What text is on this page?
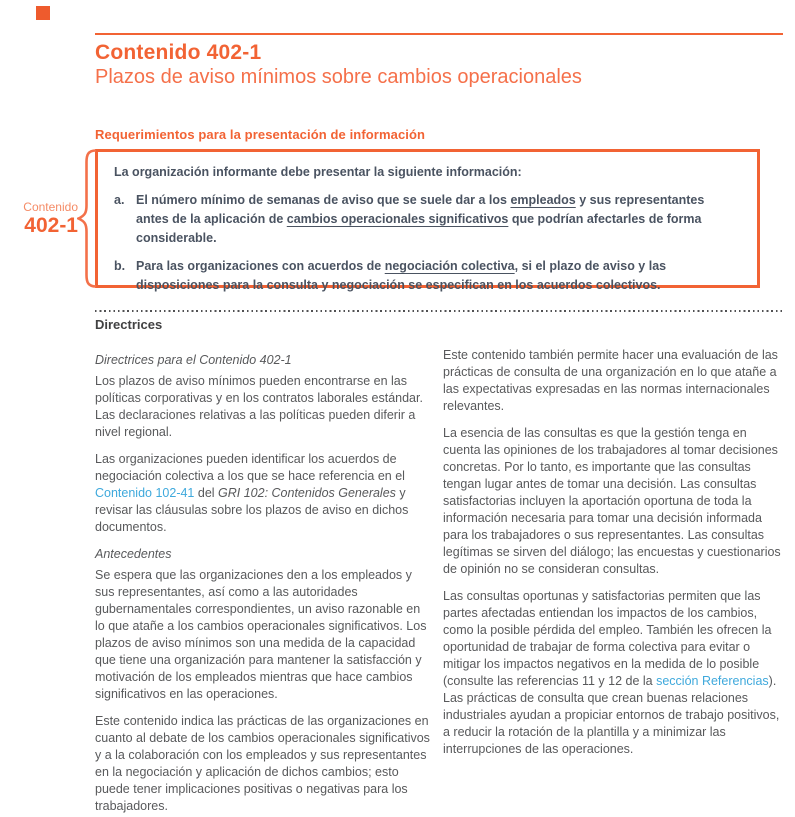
Contenido 402-1
Plazos de aviso mínimos sobre cambios operacionales
Requerimientos para la presentación de información

La organización informante debe presentar la siguiente información:

a. El número mínimo de semanas de aviso que se suele dar a los empleados y sus representantes antes de la aplicación de cambios operacionales significativos que podrían afectarles de forma considerable.
b. Para las organizaciones con acuerdos de negociación colectiva, si el plazo de aviso y las disposiciones para la consulta y negociación se especifican en los acuerdos colectivos.
Contenido
402-1
Directrices

Directrices para el Contenido 402-1

Los plazos de aviso mínimos pueden encontrarse en las políticas corporativas y en los contratos laborales estándar. Las declaraciones relativas a las políticas pueden diferir a nivel regional.

Las organizaciones pueden identificar los acuerdos de negociación colectiva a los que se hace referencia en el Contenido 102-41 del GRI 102: Contenidos Generales y revisar las cláusulas sobre los plazos de aviso en dichos documentos.

Antecedentes

Se espera que las organizaciones den a los empleados y sus representantes, así como a las autoridades gubernamentales correspondientes, un aviso razonable en lo que atañe a los cambios operacionales significativos. Los plazos de aviso mínimos son una medida de la capacidad que tiene una organización para mantener la satisfacción y motivación de los empleados mientras que hace cambios significativos en las operaciones.

Este contenido indica las prácticas de las organizaciones en cuanto al debate de los cambios operacionales significativos y a la colaboración con los empleados y sus representantes en la negociación y aplicación de dichos cambios; esto puede tener implicaciones positivas o negativas para los trabajadores.

Este contenido también permite hacer una evaluación de las prácticas de consulta de una organización en lo que atañe a las expectativas expresadas en las normas internacionales relevantes.

La esencia de las consultas es que la gestión tenga en cuenta las opiniones de los trabajadores al tomar decisiones concretas. Por lo tanto, es importante que las consultas tengan lugar antes de tomar una decisión. Las consultas satisfactorias incluyen la aportación oportuna de toda la información necesaria para tomar una decisión informada para los trabajadores o sus representantes. Las consultas legítimas se sirven del diálogo; las encuestas y cuestionarios de opinión no se consideran consultas.

Las consultas oportunas y satisfactorias permiten que las partes afectadas entiendan los impactos de los cambios, como la posible pérdida del empleo. También les ofrecen la oportunidad de trabajar de forma colectiva para evitar o mitigar los impactos negativos en la medida de lo posible (consulte las referencias 11 y 12 de la sección Referencias). Las prácticas de consulta que crean buenas relaciones industriales ayudan a propiciar entornos de trabajo positivos, a reducir la rotación de la plantilla y a minimizar las interrupciones de las operaciones.
